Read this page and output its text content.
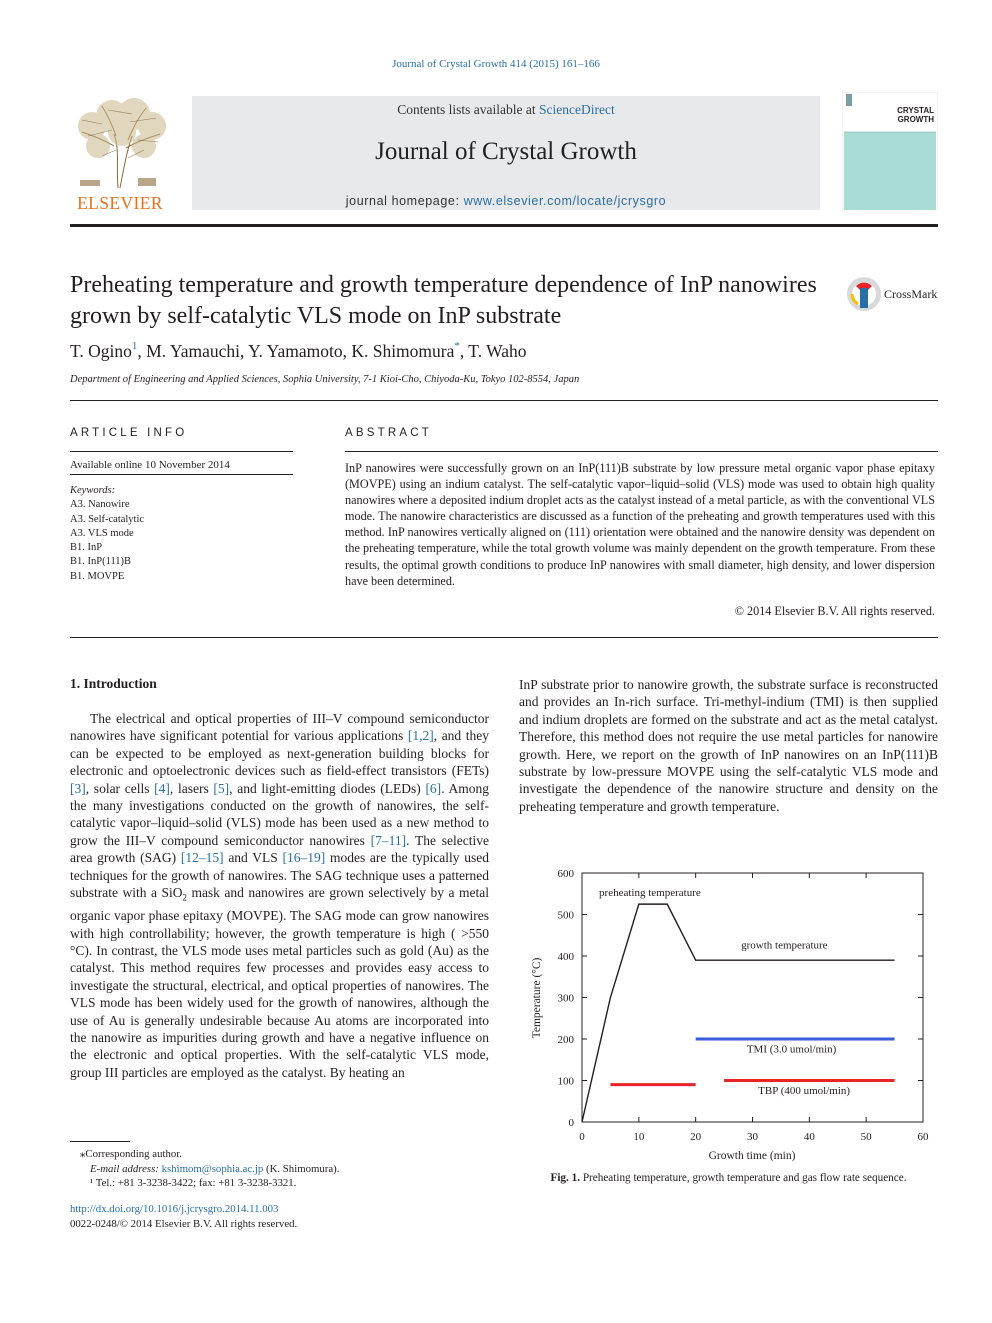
Journal of Crystal Growth 414 (2015) 161–166
ELSEVIER
Contents lists available at ScienceDirect
Journal of Crystal Growth
journal homepage: www.elsevier.com/locate/jcrysgro
CRYSTAL
GROWTH
Preheating temperature and growth temperature dependence of InP nanowires grown by self-catalytic VLS mode on InP substrate
CrossMark
T. Ogino$^1$, M. Yamauchi, Y. Yamamoto, K. Shimomura*, T. Waho
Department of Engineering and Applied Sciences, Sophia University, 7-1 Kioi-Cho, Chiyoda-Ku, Tokyo 102-8554, Japan
ARTICLE INFO
Available online 10 November 2014
Keywords:
A3. Nanowire
A3. Self-catalytic
A3. VLS mode
B1. InP
B1. InP(111)B
B1. MOVPE
ABSTRACT
InP nanowires were successfully grown on an InP(111)B substrate by low pressure metal organic vapor phase epitaxy (MOVPE) using an indium catalyst. The self-catalytic vapor–liquid–solid (VLS) mode was used to obtain high quality nanowires where a deposited indium droplet acts as the catalyst instead of a metal particle, as with the conventional VLS mode. The nanowire characteristics are discussed as a function of the preheating and growth temperatures used with this method. InP nanowires vertically aligned on (111) orientation were obtained and the nanowire density was dependent on the preheating temperature, while the total growth volume was mainly dependent on the growth temperature. From these results, the optimal growth conditions to produce InP nanowires with small diameter, high density, and lower dispersion have been determined.
© 2014 Elsevier B.V. All rights reserved.
1. Introduction
The electrical and optical properties of III–V compound semiconductor nanowires have significant potential for various applications [1,2], and they can be expected to be employed as next-generation building blocks for electronic and optoelectronic devices such as field-effect transistors (FETs) [3], solar cells [4], lasers [5], and light-emitting diodes (LEDs) [6]. Among the many investigations conducted on the growth of nanowires, the self-catalytic vapor–liquid–solid (VLS) mode has been used as a new method to grow the III–V compound semiconductor nanowires [7–11]. The selective area growth (SAG) [12–15] and VLS [16–19] modes are the typically used techniques for the growth of nanowires. The SAG technique uses a patterned substrate with a SiO$_2$ mask and nanowires are grown selectively by a metal organic vapor phase epitaxy (MOVPE). The SAG mode can grow nanowires with high controllability; however, the growth temperature is high ( >550 °C). In contrast, the VLS mode uses metal particles such as gold (Au) as the catalyst. This method requires few processes and provides easy access to investigate the structural, electrical, and optical properties of nanowires. The VLS mode has been widely used for the growth of nanowires, although the use of Au is generally undesirable because Au atoms are incorporated into the nanowire as impurities during growth and have a negative influence on the electronic and optical properties. With the self-catalytic VLS mode, group III particles are employed as the catalyst. By heating an
InP substrate prior to nanowire growth, the substrate surface is reconstructed and provides an In-rich surface. Tri-methyl-indium (TMI) is then supplied and indium droplets are formed on the substrate and act as the metal catalyst. Therefore, this method does not require the use metal particles for nanowire growth. Here, we report on the growth of InP nanowires on an InP(111)B substrate by low-pressure MOVPE using the self-catalytic VLS mode and investigate the dependence of the nanowire structure and density on the preheating temperature and growth temperature.
⁎Corresponding author.
E-mail address: kshimom@sophia.ac.jp (K. Shimomura).
¹ Tel.: +81 3-3238-3422; fax: +81 3-3238-3321.
http://dx.doi.org/10.1016/j.jcrysgro.2014.11.003
0022-0248/© 2014 Elsevier B.V. All rights reserved.
0
100
200
300
400
500
600
0	10	20	30	40	50	60
preheating temperature
growth temperature
TMI (3.0 umol/min)
TBP (400 umol/min)
Growth time (min)
Temperature (°C)
Fig. 1. Preheating temperature, growth temperature and gas flow rate sequence.
